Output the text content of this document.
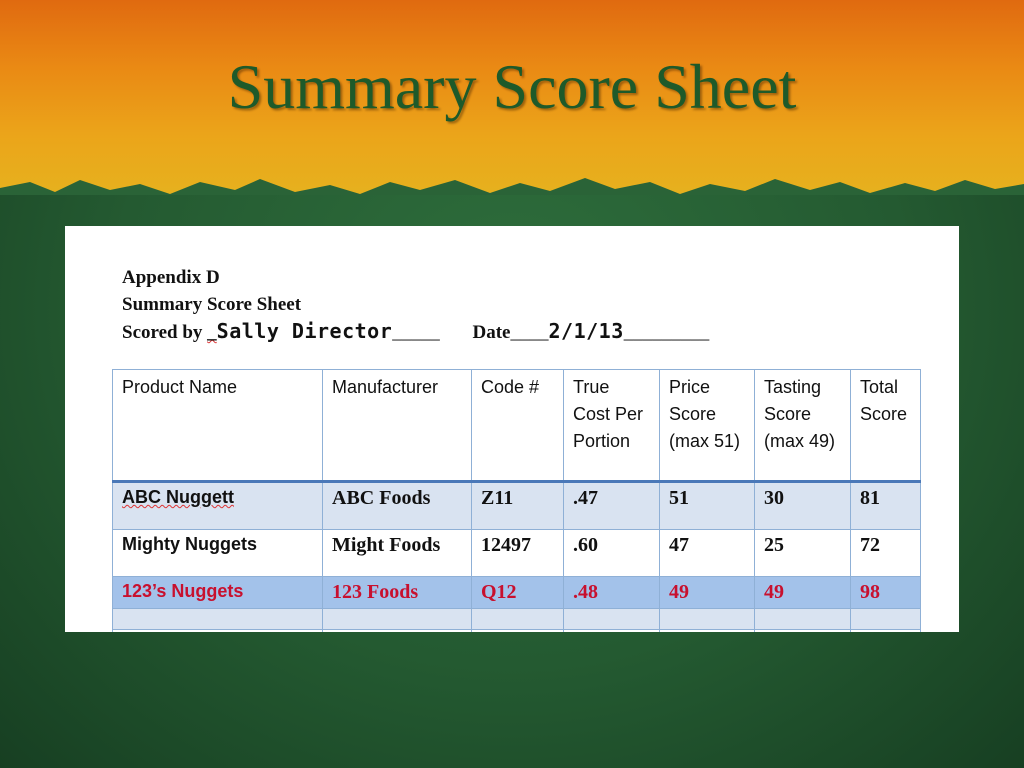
Summary Score Sheet
Appendix D
Summary Score Sheet
Scored by _Sally Director_____ Date____2/1/13_________
Product Name	Manufacturer	Code #	True Cost Per Portion	Price Score (max 51)	Tasting Score (max 49)	Total Score
ABC Nuggett	ABC Foods	Z11	.47	51	30	81
Mighty Nuggets	Might Foods	12497	.60	47	25	72
123’s Nuggets	123 Foods	Q12	.48	49	49	98
